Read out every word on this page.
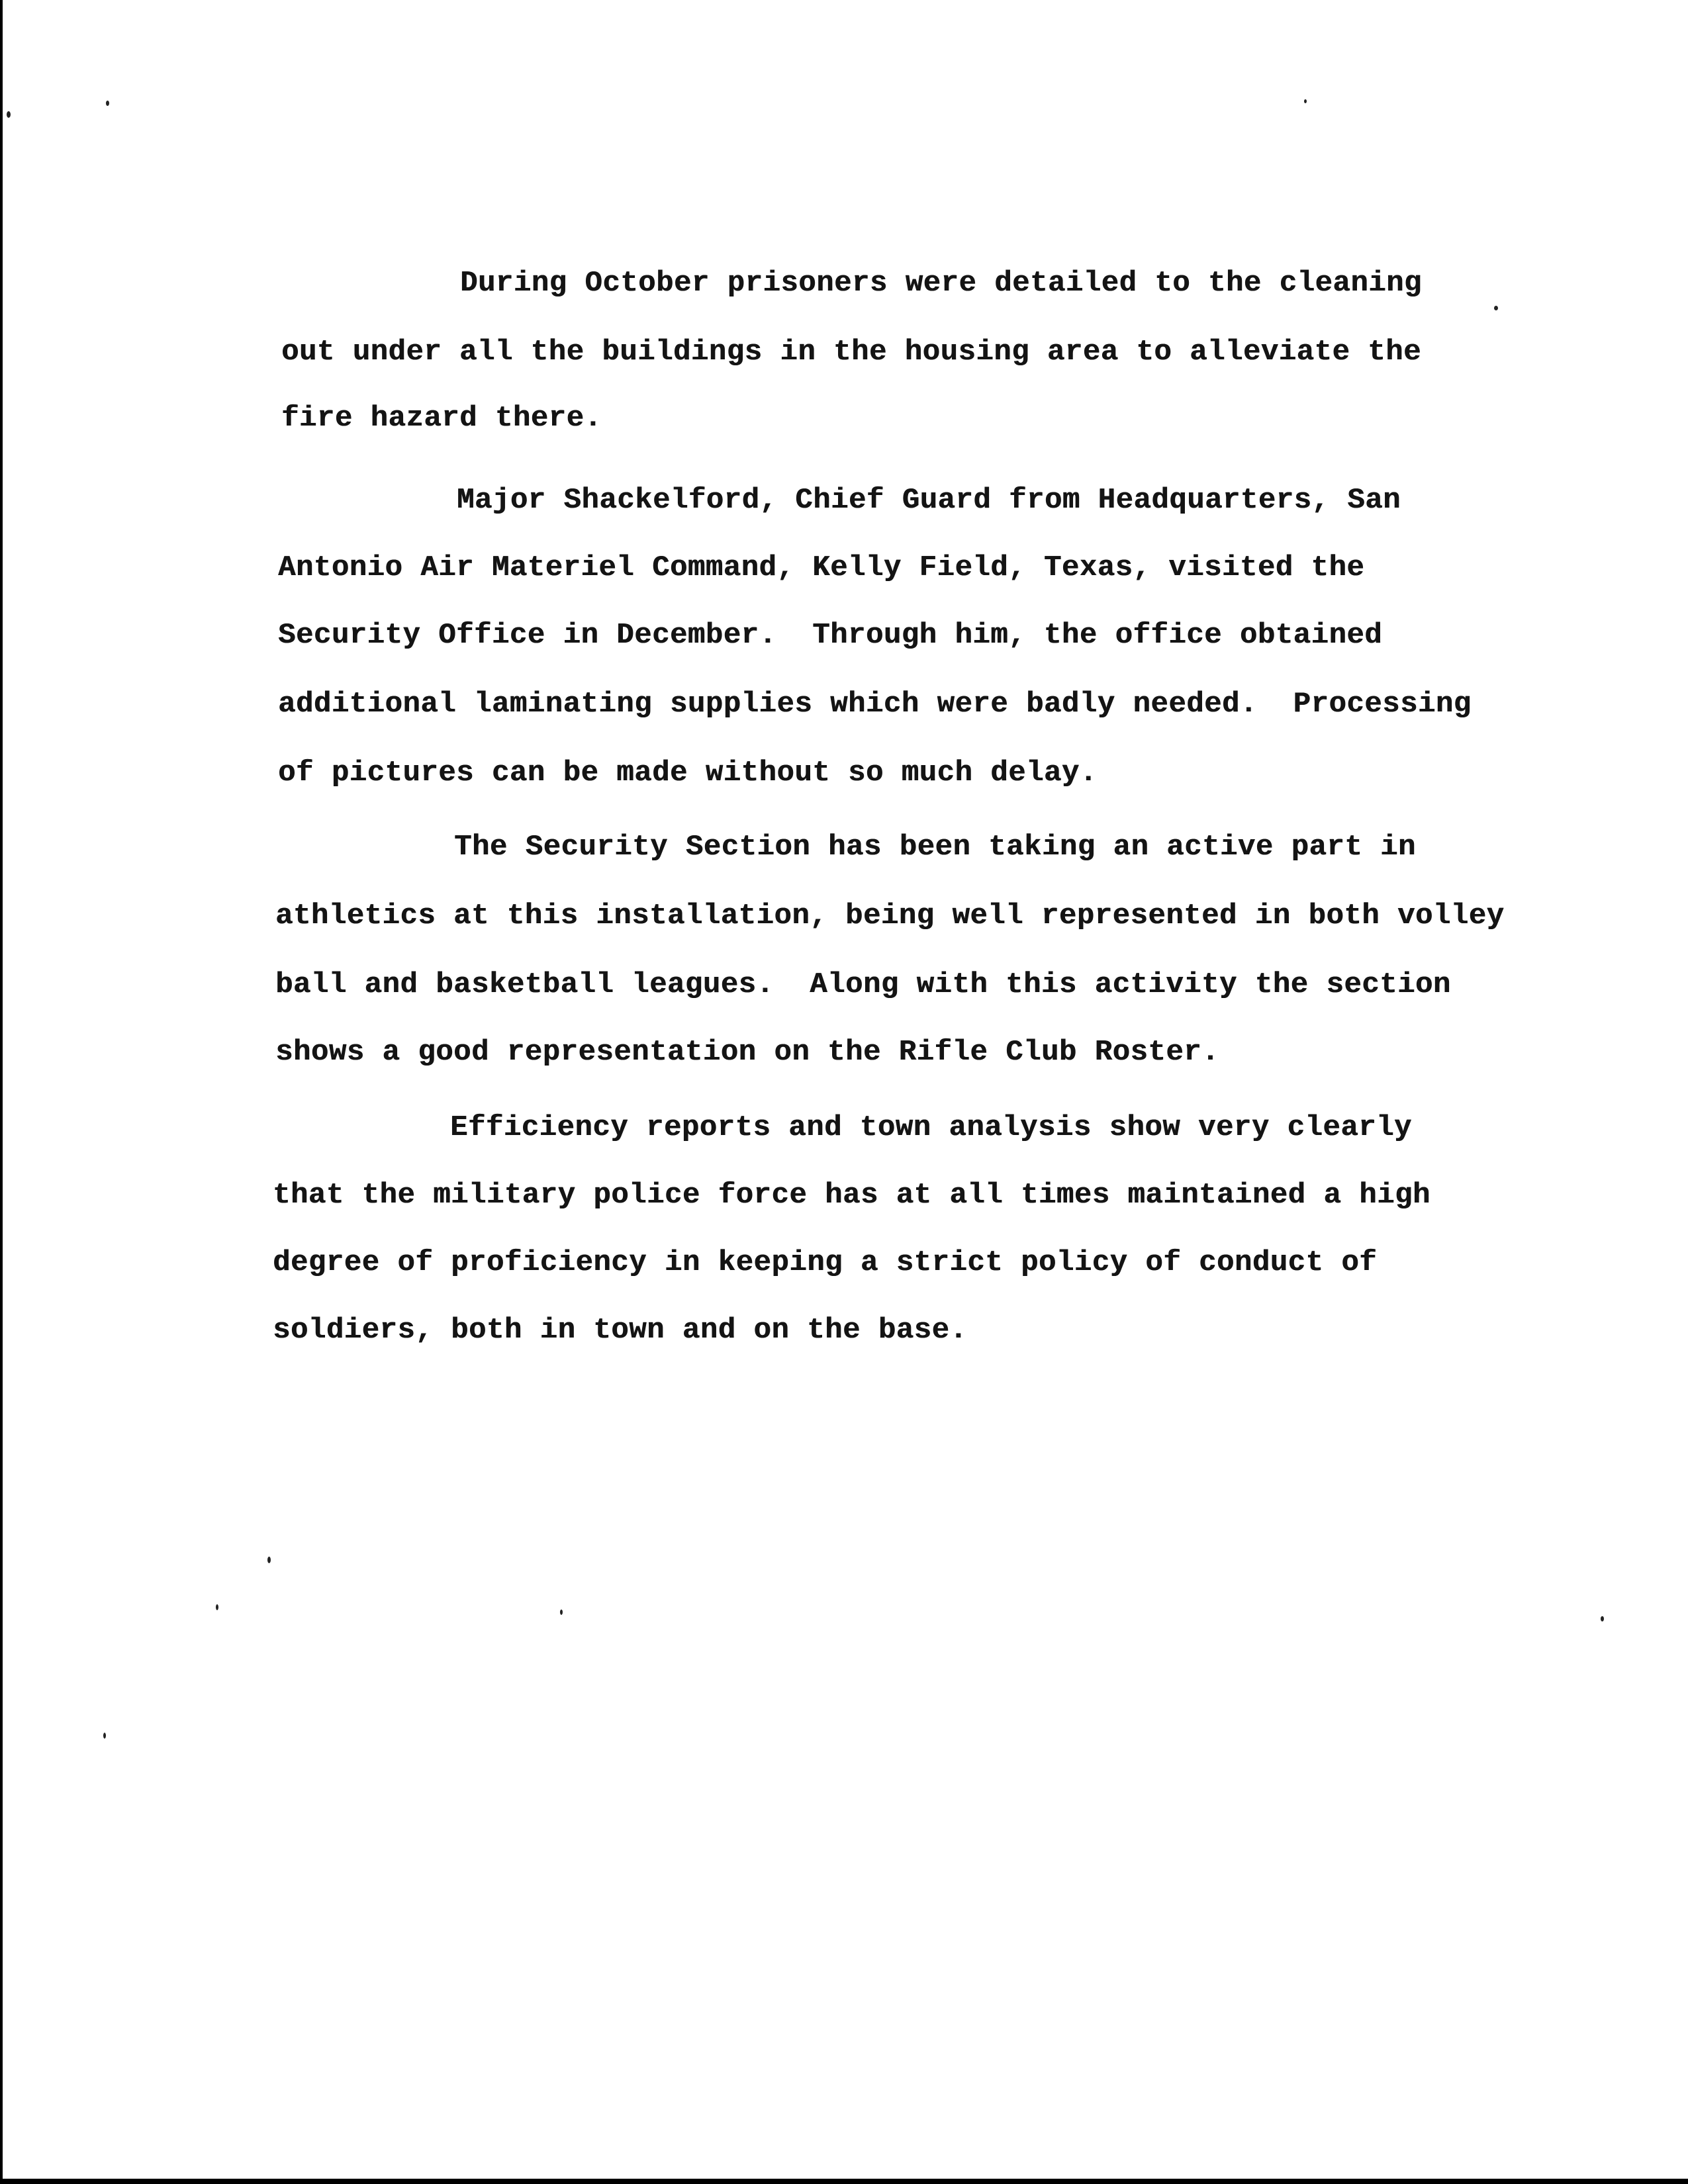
During October prisoners were detailed to the cleaning
out under all the buildings in the housing area to alleviate the
fire hazard there.
Major Shackelford, Chief Guard from Headquarters, San
Antonio Air Materiel Command, Kelly Field, Texas, visited the
Security Office in December.  Through him, the office obtained
additional laminating supplies which were badly needed.  Processing
of pictures can be made without so much delay.
The Security Section has been taking an active part in
athletics at this installation, being well represented in both volley
ball and basketball leagues.  Along with this activity the section
shows a good representation on the Rifle Club Roster.
Efficiency reports and town analysis show very clearly
that the military police force has at all times maintained a high
degree of proficiency in keeping a strict policy of conduct of
soldiers, both in town and on the base.
